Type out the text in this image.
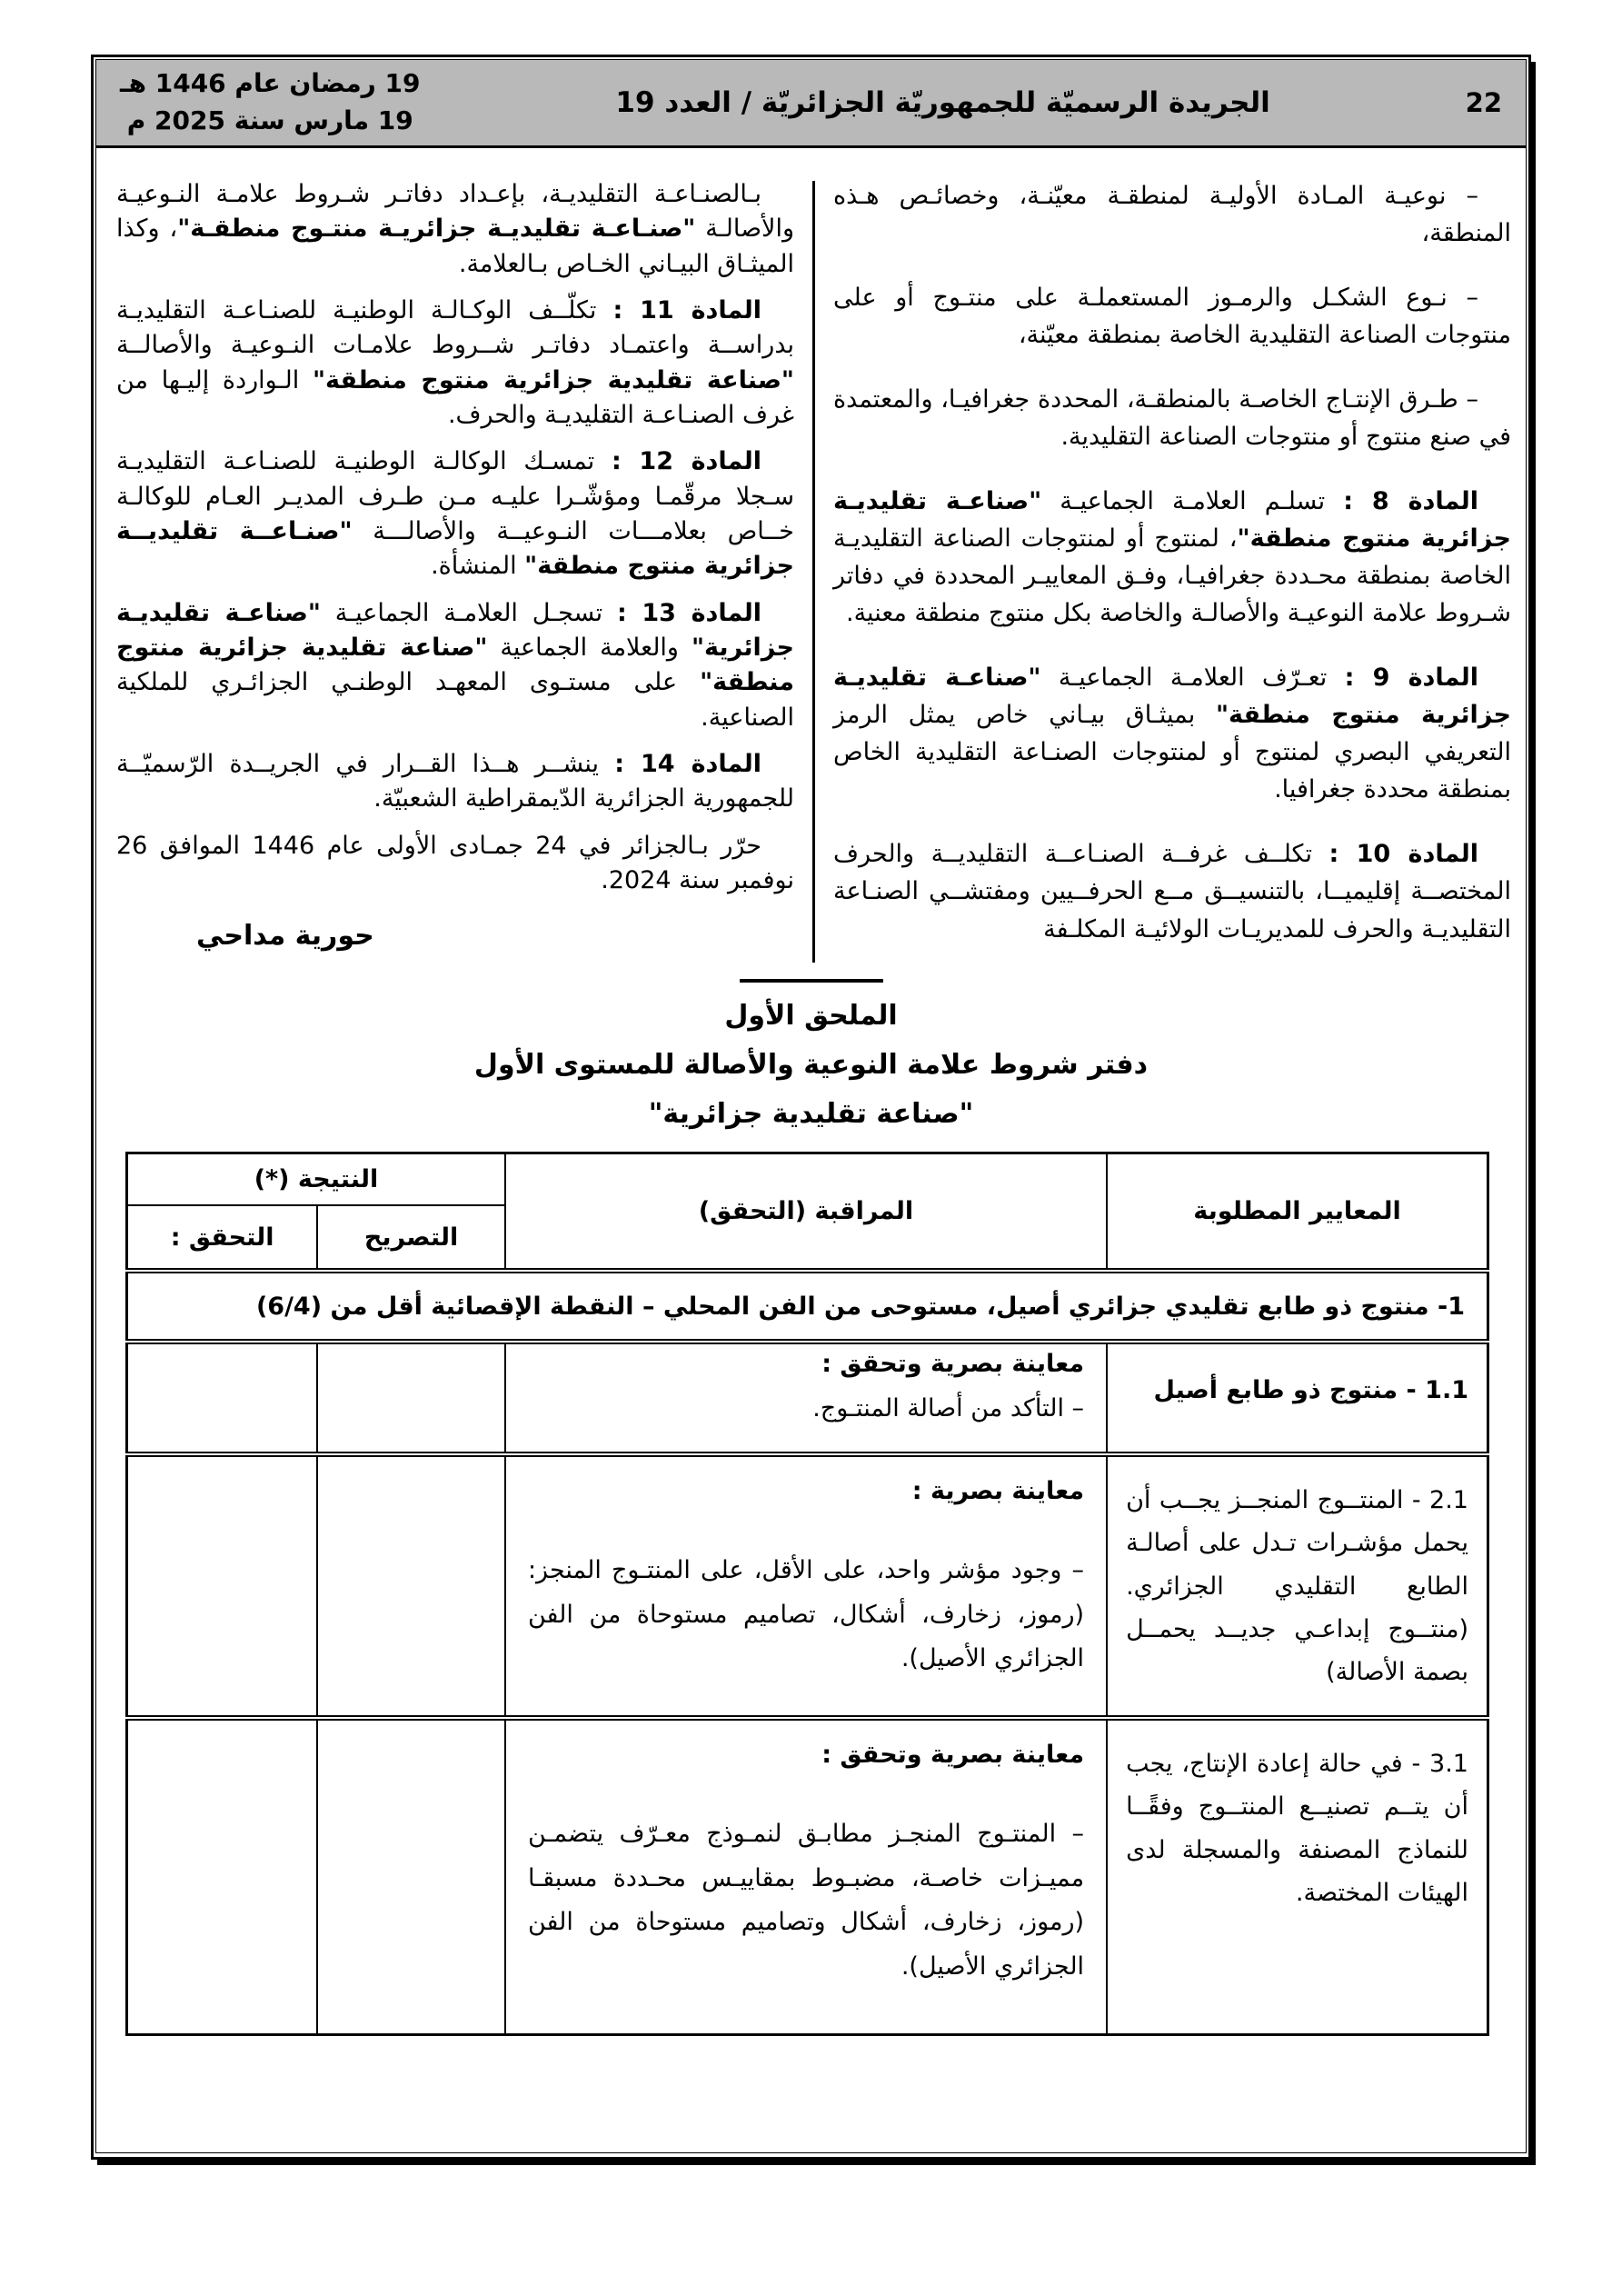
22
الجريدة الرسميّة للجمهوريّة الجزائريّة / العدد 19
19 رمضان عام 1446 هـ
19 مارس سنة 2025 م

– نوعيـة المـادة الأوليـة لمنطقـة معيّنـة، وخصائـص هـذه المنطقة،

– نـوع الشكـل والرمـوز المستعملـة على منتـوج أو على منتوجات الصناعة التقليدية الخاصة بمنطقة معيّنة،

– طـرق الإنتـاج الخاصـة بالمنطقـة، المحددة جغرافيـا، والمعتمدة في صنع منتوج أو منتوجات الصناعة التقليدية.

المادة 8 : تسلـم العلامـة الجماعيـة "صناعـة تقليديـة جزائرية منتوج منطقة"، لمنتوج أو لمنتوجات الصناعة التقليديـة الخاصة بمنطقة محـددة جغرافيـا، وفـق المعاييـر المحددة في دفاتر شـروط علامة النوعيـة والأصالـة والخاصة بكل منتوج منطقة معنية.

المادة 9 : تعـرّف العلامـة الجماعيـة "صناعـة تقليديـة جزائرية منتوج منطقة" بميثـاق بيـاني خاص يمثل الرمز التعريفي البصري لمنتوج أو لمنتوجات الصنـاعة التقليدية الخاص بمنطقة محددة جغرافيا.

المادة 10 : تكلــف غرفــة الصنـاعــة التقليديــة والحرف المختصــة إقليميــا، بالتنسيــق مــع الحرفــيين ومفتشــي الصنـاعة التقليديـة والحرف للمديريـات الولائيـة المكلـفة

بـالصنـاعـة التقليديـة، بإعـداد دفاتـر شـروط علامـة النـوعيـة والأصالـة "صنـاعـة تقليديـة جزائريـة منتـوج منطقـة"، وكذا الميثـاق البيـاني الخـاص بـالعلامة.

المادة 11 : تكلّــف الوكـالـة الوطنيـة للصنـاعـة التقليديـة بدراســة واعتمـاد دفاتـر شــروط علامـات النـوعيـة والأصالــة "صناعة تقليدية جزائرية منتوج منطقة" الـواردة إليـها من غرف الصنـاعـة التقليديـة والحرف.

المادة 12 : تمسـك الوكالـة الوطنيـة للصنـاعـة التقليديـة سـجلا مرقّمـا ومؤشّـرا عليـه مـن طـرف المديـر العـام للوكالـة خــاص بعلامـــات النـوعيــة والأصالـــة "صنـاعــة تقليديــة جزائرية منتوج منطقة" المنشأة.

المادة 13 : تسجـل العلامـة الجماعيـة "صناعـة تقليديـة جزائرية" والعلامة الجماعية "صناعة تقليدية جزائرية منتوج منطقة" على مستـوى المعهـد الوطنـي الجزائـري للملكية الصناعية.

المادة 14 : ينشــر هــذا القــرار في الجريــدة الرّسميّــة للجمهورية الجزائرية الدّيمقراطية الشعبيّة.

حرّر بـالجزائر في 24 جمـادى الأولى عام 1446 الموافق 26 نوفمبر سنة 2024.

حورية مداحي
الملحق الأول
دفتر شروط علامة النوعية والأصالة للمستوى الأول
"صناعة تقليدية جزائرية"
المعايير المطلوبة	المراقبة (التحقق)	النتيجة (*)	
		التصريح	التحقق :
1- منتوج ذو طابع تقليدي جزائري أصيل، مستوحى من الفن المحلي – النقطة الإقصائية أقل من (6/4)			
1.1 - منتوج ذو طابع أصيل	معاينة بصرية وتحقق :
– التأكد من أصالة المنتـوج.		

2.1 - المنتــوج المنجــز يجــب أن يحمل مؤشـرات تـدل على أصالـة الطابع التقليدي الجزائري. (منتــوج إبداعـي جديــد يحمــل بصمة الأصالة)	معاينة بصرية :
– وجود مؤشر واحد، على الأقل، على المنتـوج المنجز: (رموز، زخارف، أشكال، تصاميم مستوحاة من الفن الجزائري الأصيل).		

3.1 - في حالة إعادة الإنتاج، يجب أن يتــم تصنيــع المنتــوج وفقًــا للنماذج المصنفة والمسجلة لدى الهيئات المختصة.	معاينة بصرية وتحقق :
– المنتـوج المنجـز مطابـق لنمـوذج معـرّف يتضمـن مميـزات خاصـة، مضبـوط بمقاييـس محـددة مسبقـا (رموز، زخارف، أشكال وتصاميم مستوحاة من الفن الجزائري الأصيل).		
